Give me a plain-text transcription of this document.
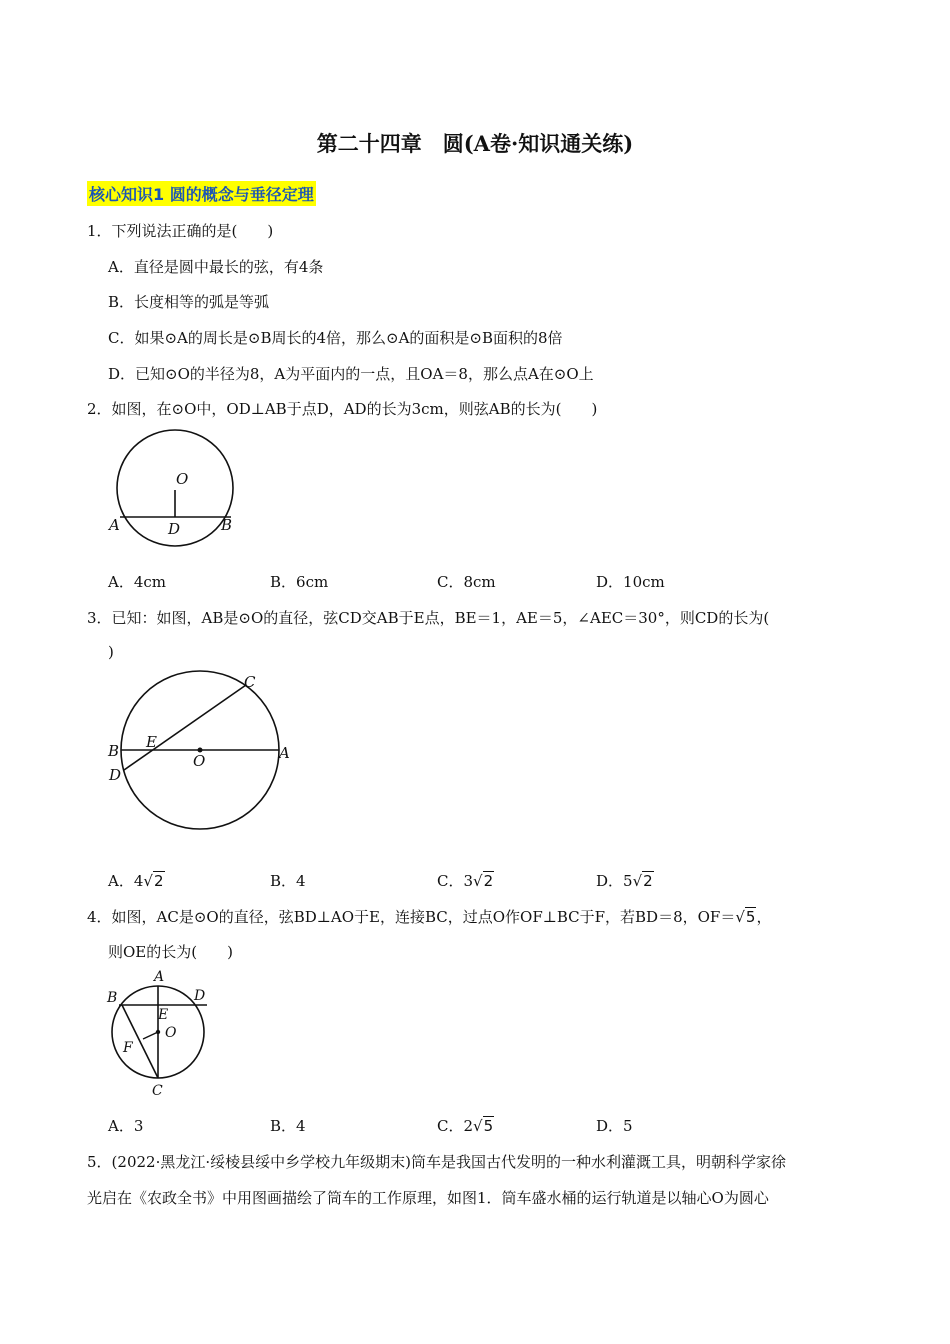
第二十四章　圆(A卷·知识通关练)
核心知识1 圆的概念与垂径定理
1．下列说法正确的是(　　)
A．直径是圆中最长的弦，有4条
B．长度相等的弧是等弧
C．如果⊙A的周长是⊙B周长的4倍，那么⊙A的面积是⊙B面积的8倍
D．已知⊙O的半径为8，A为平面内的一点，且OA＝8，那么点A在⊙O上
2．如图，在⊙O中，OD⊥AB于点D，AD的长为3cm，则弦AB的长为(　　)
O
A	D	B
A．4cm	B．6cm	C．8cm	D．10cm
3．已知：如图，AB是⊙O的直径，弦CD交AB于E点，BE＝1，AE＝5，∠AEC＝30°，则CD的长为(
)
C
B E
O	A
D
A．4√2	B．4	C．3√2	D．5√2
4．如图，AC是⊙O的直径，弦BD⊥AO于E，连接BC，过点O作OF⊥BC于F，若BD＝8，OF＝√5，
则OE的长为(　　)
A
B	D
E
O
F
C
A．3	B．4	C．2√5	D．5
5．(2022·黑龙江·绥棱县绥中乡学校九年级期末)筒车是我国古代发明的一种水利灌溉工具，明朝科学家徐
光启在《农政全书》中用图画描绘了筒车的工作原理，如图1．筒车盛水桶的运行轨道是以轴心O为圆心
